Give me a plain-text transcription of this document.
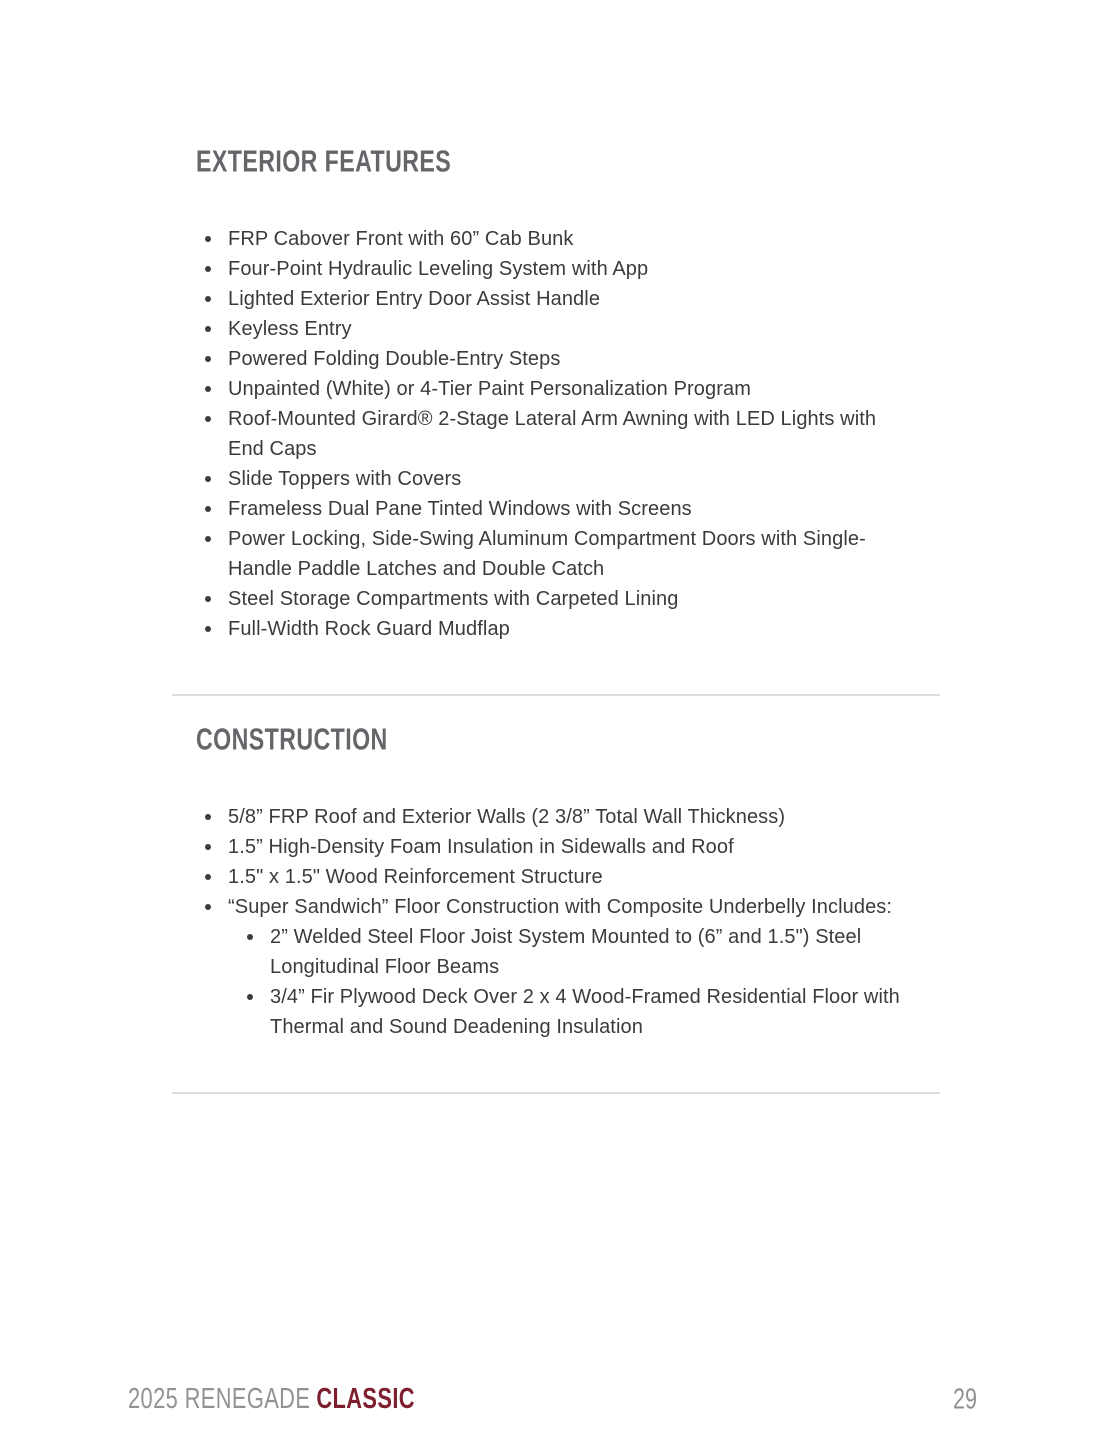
EXTERIOR FEATURES
FRP Cabover Front with 60” Cab Bunk
Four-Point Hydraulic Leveling System with App
Lighted Exterior Entry Door Assist Handle
Keyless Entry
Powered Folding Double-Entry Steps
Unpainted (White) or 4-Tier Paint Personalization Program
Roof-Mounted Girard® 2-Stage Lateral Arm Awning with LED Lights with End Caps
Slide Toppers with Covers
Frameless Dual Pane Tinted Windows with Screens
Power Locking, Side-Swing Aluminum Compartment Doors with Single-Handle Paddle Latches and Double Catch
Steel Storage Compartments with Carpeted Lining
Full-Width Rock Guard Mudflap
CONSTRUCTION
5/8” FRP Roof and Exterior Walls (2 3/8” Total Wall Thickness)
1.5” High-Density Foam Insulation in Sidewalls and Roof
1.5" x 1.5" Wood Reinforcement Structure
“Super Sandwich” Floor Construction with Composite Underbelly Includes:
2” Welded Steel Floor Joist System Mounted to (6” and 1.5") Steel Longitudinal Floor Beams
3/4” Fir Plywood Deck Over 2 x 4 Wood-Framed Residential Floor with Thermal and Sound Deadening Insulation
2025 RENEGADE CLASSIC	29
